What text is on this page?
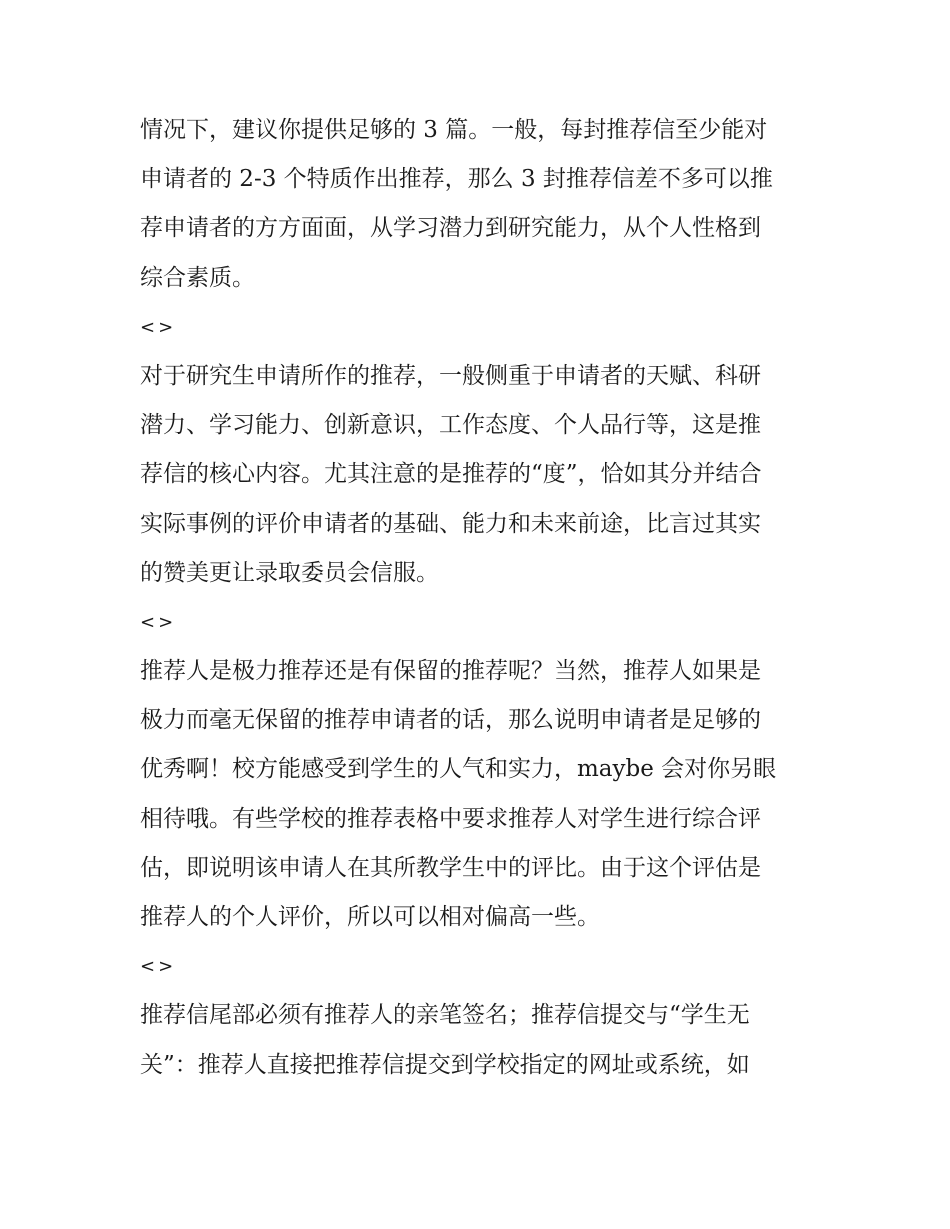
情况下，建议你提供足够的 3 篇。一般，每封推荐信至少能对
申请者的 2-3 个特质作出推荐，那么 3 封推荐信差不多可以推
荐申请者的方方面面，从学习潜力到研究能力，从个人性格到
综合素质。

<>

对于研究生申请所作的推荐，一般侧重于申请者的天赋、科研
潜力、学习能力、创新意识，工作态度、个人品行等，这是推
荐信的核心内容。尤其注意的是推荐的“度”，恰如其分并结合
实际事例的评价申请者的基础、能力和未来前途，比言过其实
的赞美更让录取委员会信服。

<>

推荐人是极力推荐还是有保留的推荐呢？当然，推荐人如果是
极力而毫无保留的推荐申请者的话，那么说明申请者是足够的
优秀啊！校方能感受到学生的人气和实力，maybe 会对你另眼
相待哦。有些学校的推荐表格中要求推荐人对学生进行综合评
估，即说明该申请人在其所教学生中的评比。由于这个评估是
推荐人的个人评价，所以可以相对偏高一些。

<>

推荐信尾部必须有推荐人的亲笔签名；推荐信提交与“学生无
关”：推荐人直接把推荐信提交到学校指定的网址或系统，如
